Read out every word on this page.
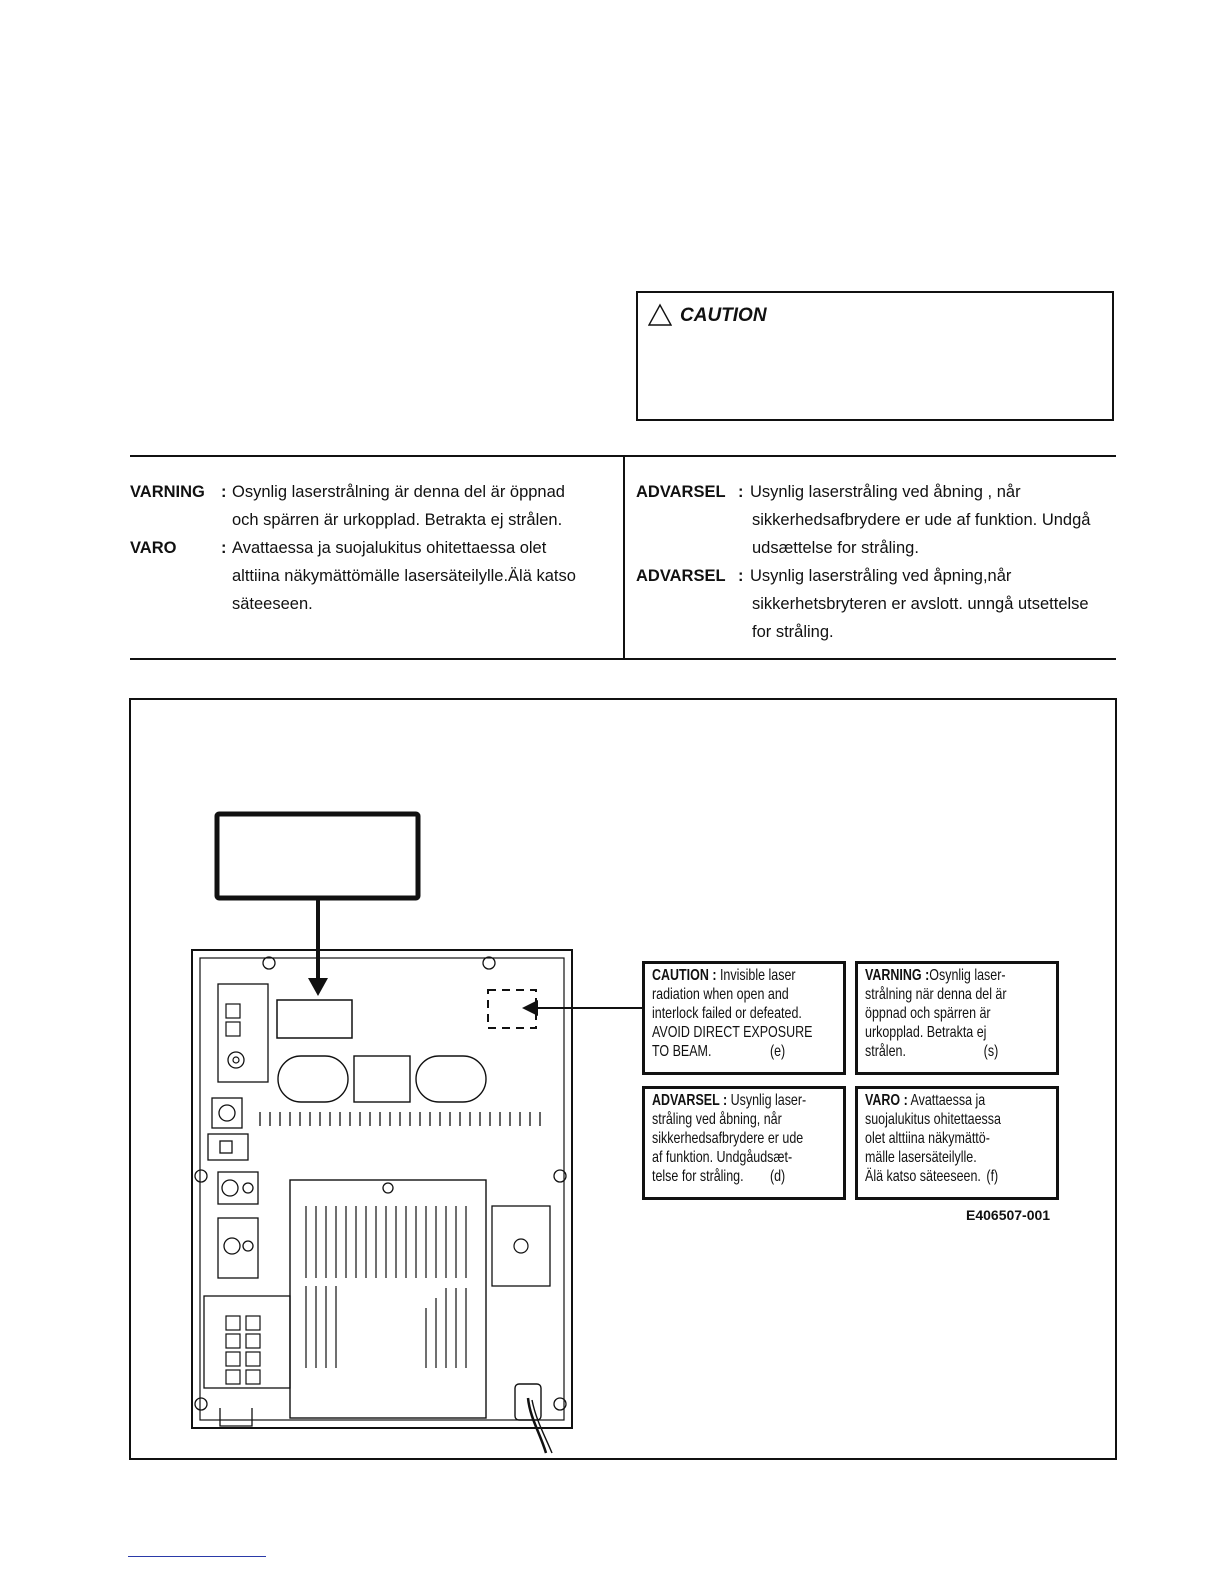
CAUTION
VARNING : Osynlig laserstrålning är denna del är öppnad
och spärren är urkopplad. Betrakta ej strålen.
VARO	: Avattaessa ja suojalukitus ohitettaessa olet
alttiina näkymättömälle lasersäteilylle.Älä katso
säteeseen.
ADVARSEL : Usynlig laserstråling ved åbning , når
sikkerhedsafbrydere er ude af funktion. Undgå
udsættelse for stråling.
ADVARSEL : Usynlig laserstråling ved åpning,når
sikkerhetsbryteren er avslott. unngå utsettelse
for stråling.
CAUTION : Invisible laser
radiation when open and
interlock failed or defeated.
AVOID DIRECT EXPOSURE
TO BEAM.	(e)
VARNING :Osynlig laser-
strålning när denna del är
öppnad och spärren är
urkopplad. Betrakta ej
strålen.	(s)
ADVARSEL : Usynlig laser-
stråling ved åbning, når
sikkerhedsafbrydere er ude
af funktion. Undgåudsæt-
telse for stråling. (d)
VARO : Avattaessa ja
suojalukitus ohitettaessa
olet alttiina näkymättö-
mälle lasersäteilylle.
Älä katso säteeseen. (f)
E406507-001
